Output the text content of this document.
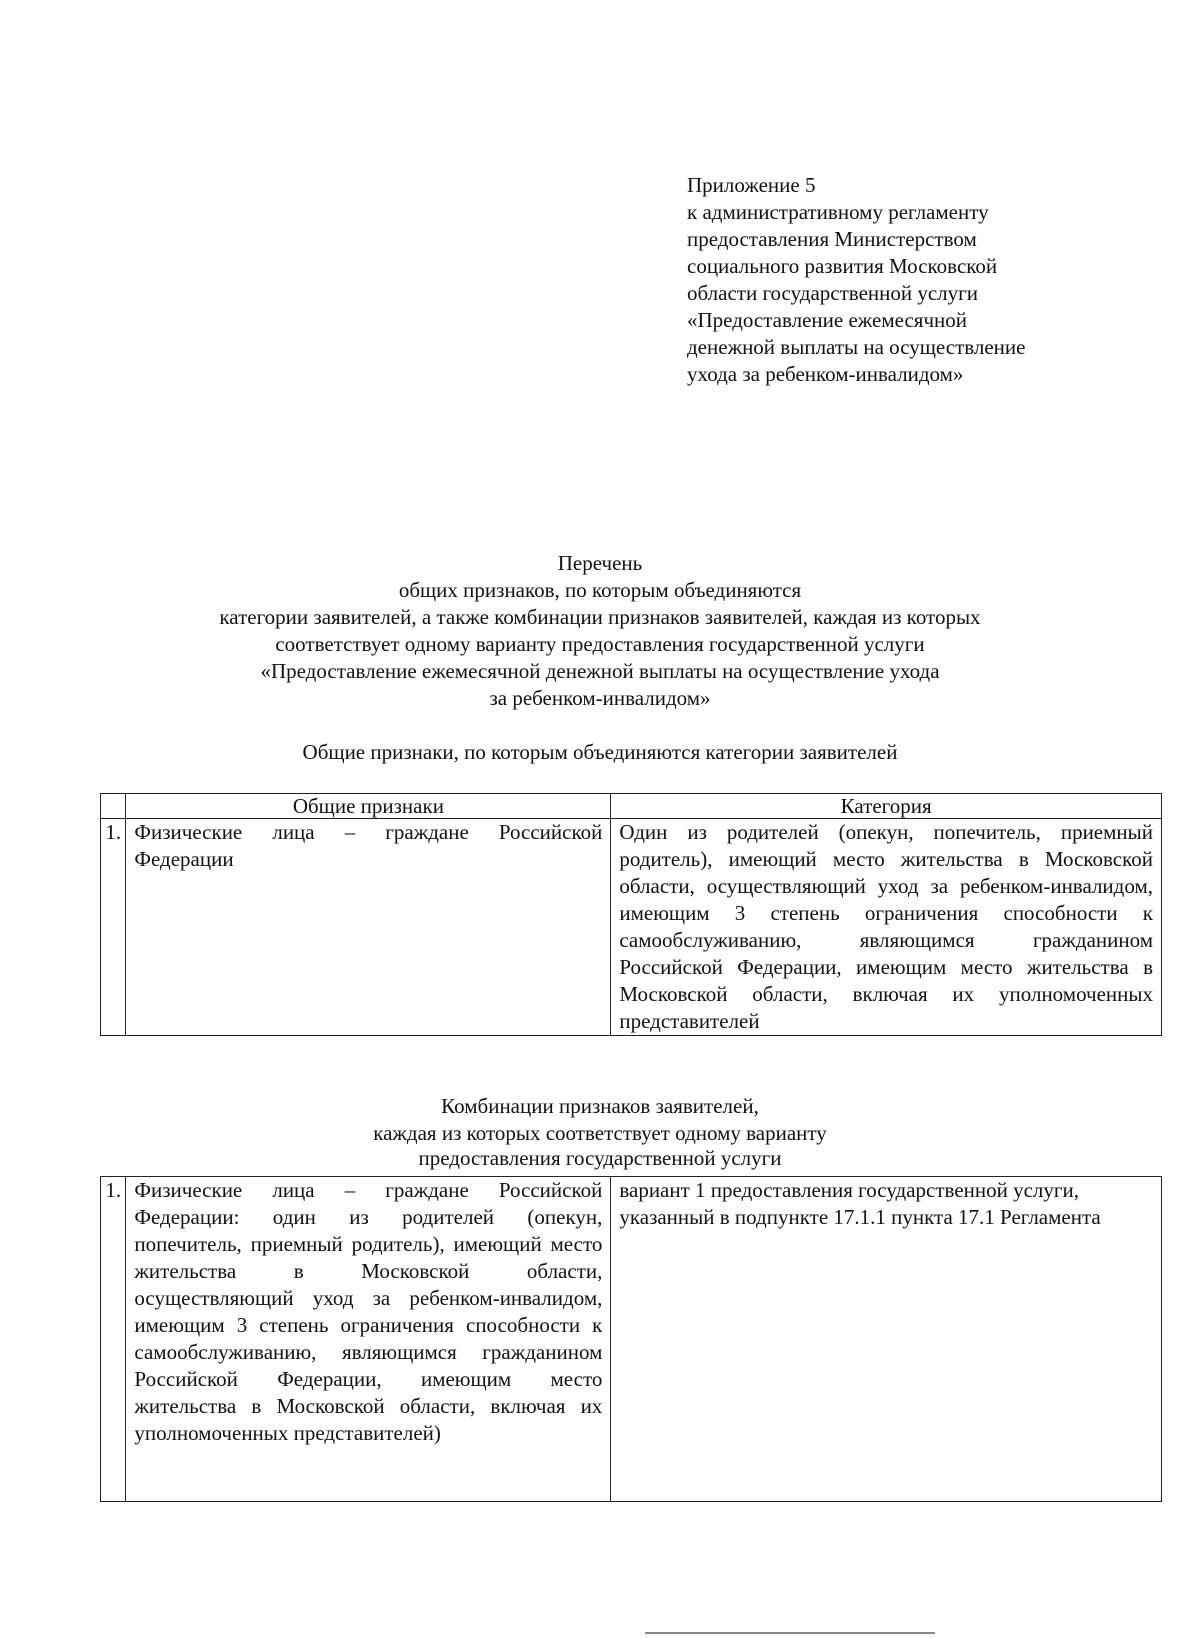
Приложение 5
к административному регламенту
предоставления Министерством
социального развития Московской
области государственной услуги
«Предоставление ежемесячной
денежной выплаты на осуществление
ухода за ребенком-инвалидом»
Перечень
общих признаков, по которым объединяются
категории заявителей, а также комбинации признаков заявителей, каждая из которых
соответствует одному варианту предоставления государственной услуги
«Предоставление ежемесячной денежной выплаты на осуществление ухода
за ребенком-инвалидом»
Общие признаки, по которым объединяются категории заявителей
	Общие признаки	Категория
1.	Физические лица – граждане Российской Федерации	Один из родителей (опекун, попечитель, приемный родитель), имеющий место жительства в Московской области, осуществляющий уход за ребенком-инвалидом, имеющим 3 степень ограничения способности к самообслуживанию, являющимся гражданином Российской Федерации, имеющим место жительства в Московской области, включая их уполномоченных представителей
Комбинации признаков заявителей,
каждая из которых соответствует одному варианту
предоставления государственной услуги
1.	Физические лица – граждане Российской Федерации: один из родителей (опекун, попечитель, приемный родитель), имеющий место жительства в Московской области, осуществляющий уход за ребенком-инвалидом, имеющим 3 степень ограничения способности к самообслуживанию, являющимся гражданином Российской Федерации, имеющим место жительства в Московской области, включая их уполномоченных представителей)	вариант 1 предоставления государственной услуги, указанный в подпункте 17.1.1 пункта 17.1 Регламента
